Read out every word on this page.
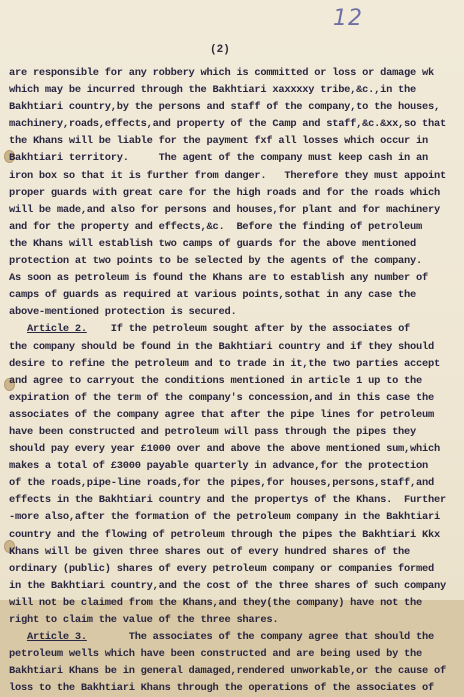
12
(2)
are responsible for any robbery which is committed or loss or damage wk
which may be incurred through the Bakhtiari xaxxxxy tribe,&c.,in the
Bakhtiari country,by the persons and staff of the company,to the houses,
machinery,roads,effects,and property of the Camp and staff,&c.&xx,so that
the Khans will be liable for the payment fxf all losses which occur in
Bakhtiari territory.     The agent of the company must keep cash in an
iron box so that it is further from danger.   Therefore they must appoint
proper guards with great care for the high roads and for the roads which
will be made,and also for persons and houses,for plant and for machinery
and for the property and effects,&c.  Before the finding of petroleum
the Khans will establish two camps of guards for the above mentioned
protection at two points to be selected by the agents of the company.
As soon as petroleum is found the Khans are to establish any number of
camps of guards as required at various points,sothat in any case the
above-mentioned protection is secured.
Article 2.    If the petroleum sought after by the associates of
the company should be found in the Bakhtiari country and if they should
desire to refine the petroleum and to trade in it,the two parties accept
and agree to carryout the conditions mentioned in article 1 up to the
expiration of the term of the company's concession,and in this case the
associates of the company agree that after the pipe lines for petroleum
have been constructed and petroleum will pass through the pipes they
should pay every year £1000 over and above the above mentioned sum,which
makes a total of £3000 payable quarterly in advance,for the protection
of the roads,pipe-line roads,for the pipes,for houses,persons,staff,and
effects in the Bakhtiari country and the propertys of the Khans.  Further
-more also,after the formation of the petroleum company in the Bakhtiari
country and the flowing of petroleum through the pipes the Bakhtiari Kkx
Khans will be given three shares out of every hundred shares of the
ordinary (public) shares of every petroleum company or companies formed
in the Bakhtiari country,and the cost of the three shares of such company
will not be claimed from the Khans,and they(the company) have not the
right to claim the value of the three shares.
Article 3.       The associates of the company agree that should the
petroleum wells which have been constructed and are being used by the
Bakhtiari Khans be in general damaged,rendered unworkable,or the cause of
loss to the Bakhtiari Khans through the operations of the associates of
